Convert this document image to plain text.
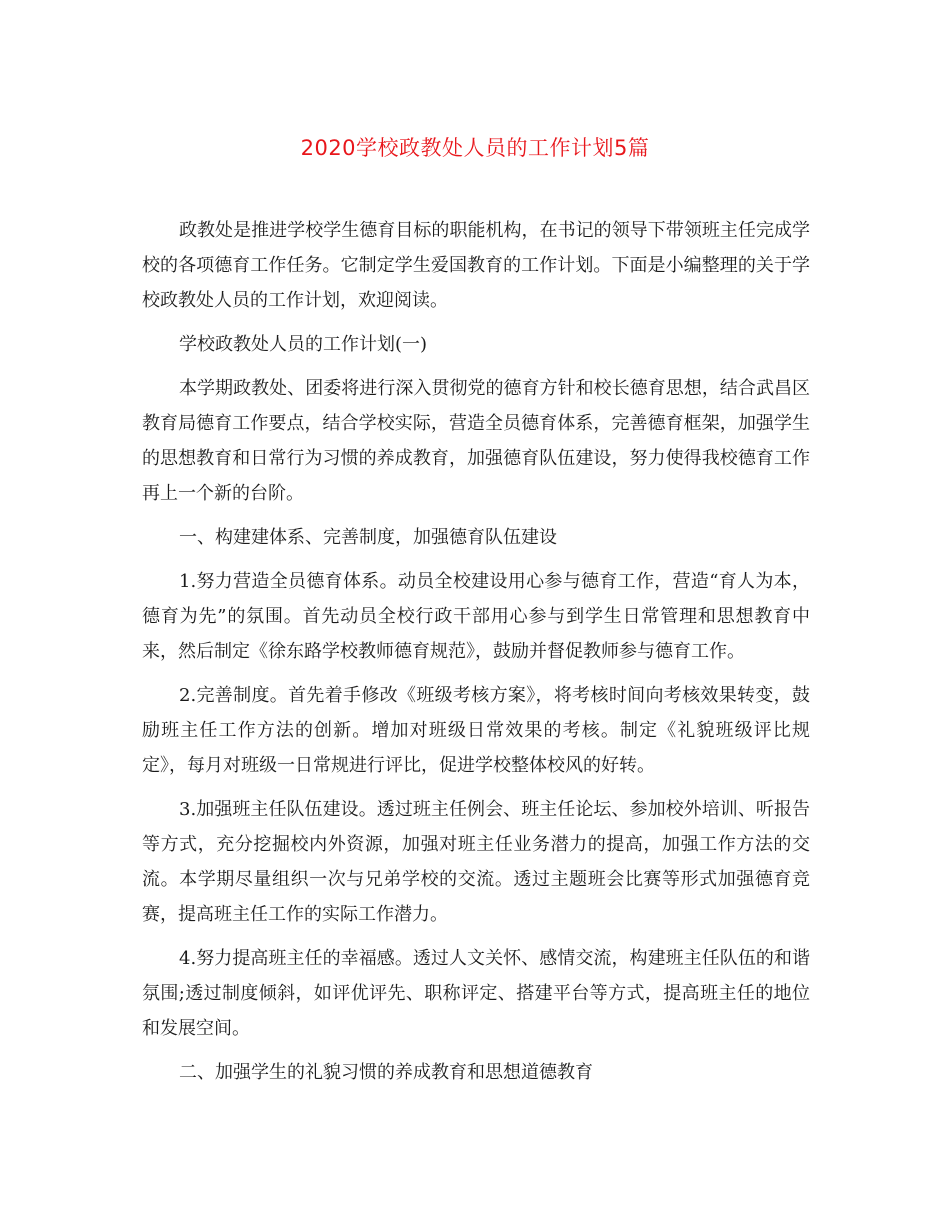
2020学校政教处人员的工作计划5篇

政教处是推进学校学生德育目标的职能机构，在书记的领导下带领班主任完成学校的各项德育工作任务。它制定学生爱国教育的工作计划。下面是小编整理的关于学校政教处人员的工作计划，欢迎阅读。

学校政教处人员的工作计划(一)

本学期政教处、团委将进行深入贯彻党的德育方针和校长德育思想，结合武昌区教育局德育工作要点，结合学校实际，营造全员德育体系，完善德育框架，加强学生的思想教育和日常行为习惯的养成教育，加强德育队伍建设，努力使得我校德育工作再上一个新的台阶。

一、构建建体系、完善制度，加强德育队伍建设

1.努力营造全员德育体系。动员全校建设用心参与德育工作，营造“育人为本，德育为先”的氛围。首先动员全校行政干部用心参与到学生日常管理和思想教育中来，然后制定《徐东路学校教师德育规范》，鼓励并督促教师参与德育工作。

2.完善制度。首先着手修改《班级考核方案》，将考核时间向考核效果转变，鼓励班主任工作方法的创新。增加对班级日常效果的考核。制定《礼貌班级评比规定》，每月对班级一日常规进行评比，促进学校整体校风的好转。

3.加强班主任队伍建设。透过班主任例会、班主任论坛、参加校外培训、听报告等方式，充分挖掘校内外资源，加强对班主任业务潜力的提高，加强工作方法的交流。本学期尽量组织一次与兄弟学校的交流。透过主题班会比赛等形式加强德育竞赛，提高班主任工作的实际工作潜力。

4.努力提高班主任的幸福感。透过人文关怀、感情交流，构建班主任队伍的和谐氛围;透过制度倾斜，如评优评先、职称评定、搭建平台等方式，提高班主任的地位和发展空间。

二、加强学生的礼貌习惯的养成教育和思想道德教育
